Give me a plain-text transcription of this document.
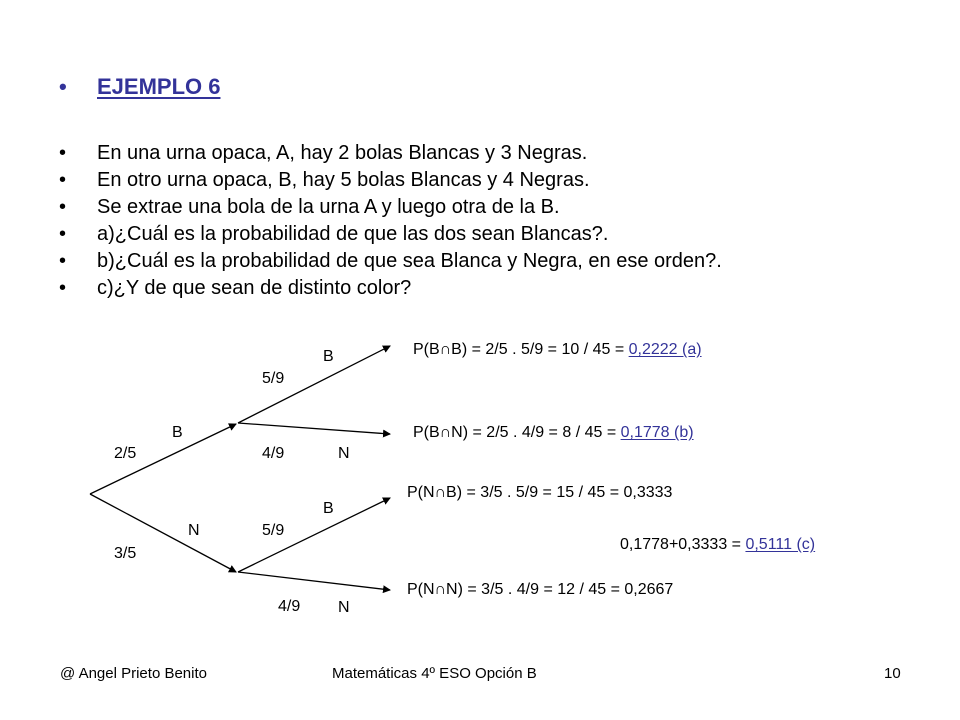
• EJEMPLO 6
• En una urna opaca, A, hay 2 bolas Blancas y 3 Negras.
• En otro urna opaca, B, hay 5 bolas Blancas y 4 Negras.
• Se extrae una bola de la urna A y luego otra de la B.
• a)¿Cuál es la probabilidad de que las dos sean Blancas?.
• b)¿Cuál es la probabilidad de que sea Blanca y Negra, en ese orden?.
• c)¿Y de que sean de distinto color?
B
2/5
N
3/5
B
5/9
4/9	N
B
5/9
4/9 N
P(B∩B) = 2/5 . 5/9 = 10 / 45 = 0,2222 (a)
P(B∩N) = 2/5 . 4/9 = 8 / 45 = 0,1778 (b)
P(N∩B) = 3/5 . 5/9 = 15 / 45 = 0,3333
0,1778+0,3333 = 0,5111 (c)
P(N∩N) = 3/5 . 4/9 = 12 / 45 = 0,2667
@ Angel Prieto Benito	Matemáticas 4º ESO Opción B	10
